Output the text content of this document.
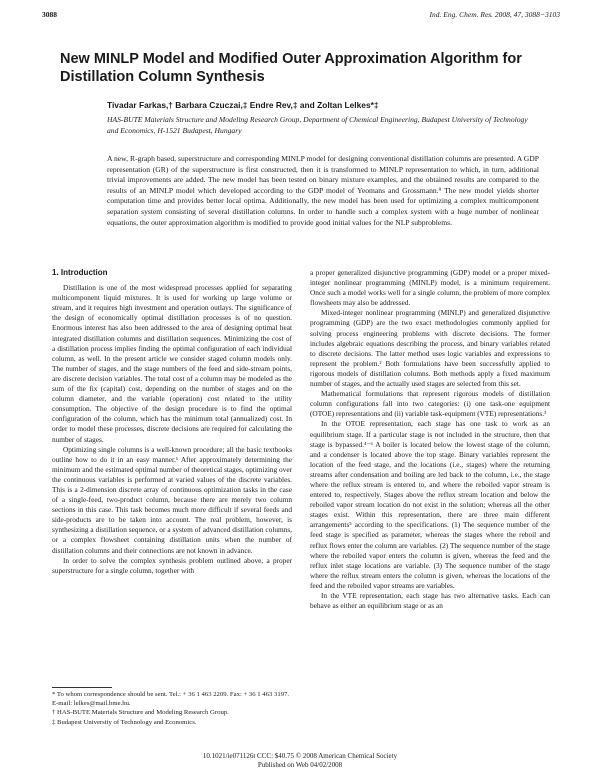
3088	Ind. Eng. Chem. Res. 2008, 47, 3088−3103
New MINLP Model and Modified Outer Approximation Algorithm for Distillation Column Synthesis
Tivadar Farkas,† Barbara Czuczai,‡ Endre Rev,‡ and Zoltan Lelkes*‡
HAS-BUTE Materials Structure and Modeling Research Group, Department of Chemical Engineering, Budapest University of Technology and Economics, H-1521 Budapest, Hungary
A new, R-graph based, superstructure and corresponding MINLP model for designing conventional distillation columns are presented. A GDP representation (GR) of the superstructure is first constructed, then it is transformed to MINLP representation to which, in turn, additional trivial improvements are added. The new model has been tested on binary mixture examples, and the obtained results are compared to the results of an MINLP model which developed according to the GDP model of Yeomans and Grossmann.⁹ The new model yields shorter computation time and provides better local optima. Additionally, the new model has been used for optimizing a complex multicomponent separation system consisting of several distillation columns. In order to handle such a complex system with a huge number of nonlinear equations, the outer approximation algorithm is modified to provide good initial values for the NLP subproblems.
1. Introduction

Distillation is one of the most widespread processes applied for separating multicomponent liquid mixtures. It is used for working up large volume or stream, and it requires high investment and operation outlays. The significance of the design of economically optimal distillation processes is of no question. Enormous interest has also been addressed to the area of designing optimal heat integrated distillation columns and distillation sequences. Minimizing the cost of a distillation process implies finding the optimal configuration of each individual column, as well. In the present article we consider staged column models only. The number of stages, and the stage numbers of the feed and side-stream points, are discrete decision variables. The total cost of a column may be modeled as the sum of the fix (capital) cost, depending on the number of stages and on the column diameter, and the variable (operation) cost related to the utility consumption. The objective of the design procedure is to find the optimal configuration of the column, which has the minimum total (annualized) cost. In order to model these processes, discrete decisions are required for calculating the number of stages.

Optimizing single columns is a well-known procedure; all the basic textbooks outline how to do it in an easy manner.¹ After approximately determining the minimum and the estimated optimal number of theoretical stages, optimizing over the continuous variables is performed at varied values of the discrete variables. This is a 2-dimension discrete array of continuous optimization tasks in the case of a single-feed, two-product column, because there are merely two column sections in this case. This task becomes much more difficult if several feeds and side-products are to be taken into account. The real problem, however, is synthesizing a distillation sequence, or a system of advanced distillation columns, or a complex flowsheet containing distillation units when the number of distillation columns and their connections are not known in advance.

In order to solve the complex synthesis problem outlined above, a proper superstructure for a single column, together with

a proper generalized disjunctive programming (GDP) model or a proper mixed-integer nonlinear programming (MINLP) model, is a minimum requirement. Once such a model works well for a single column, the problem of more complex flowsheets may also be addressed.

Mixed-integer nonlinear programming (MINLP) and generalized disjunctive programming (GDP) are the two exact methodologies commonly applied for solving process engineering problems with discrete decisions. The former includes algebraic equations describing the process, and binary variables related to discrete decisions. The latter method uses logic variables and expressions to represent the problem.² Both formulations have been successfully applied to rigorous models of distillation columns. Both methods apply a fixed maximum number of stages, and the actually used stages are selected from this set.

Mathematical formulations that represent rigorous models of distillation column configurations fall into two categories: (i) one task-one equipment (OTOE) representations and (ii) variable task-equipment (VTE) representations.³

In the OTOE representation, each stage has one task to work as an equilibrium stage. If a particular stage is not included in the structure, then that stage is bypassed.⁴⁻⁶ A boiler is located below the lowest stage of the column, and a condenser is located above the top stage. Binary variables represent the location of the feed stage, and the locations (i.e., stages) where the returning streams after condensation and boiling are led back to the column, i.e., the stage where the reflux stream is entered to, and where the reboiled vapor stream is entered to, respectively. Stages above the reflux stream location and below the reboiled vapor stream location do not exist in the solution; whereas all the other stages exist. Within this representation, there are three main different arrangements⁵ according to the specifications. (1) The sequence number of the feed stage is specified as parameter, whereas the stages where the reboil and reflux flows enter the column are variables. (2) The sequence number of the stage where the reboiled vapor enters the column is given, whereas the feed and the reflux inlet stage locations are variable. (3) The sequence number of the stage where the reflux stream enters the column is given, whereas the locations of the feed and the reboiled vapor streams are variables.

In the VTE representation, each stage has two alternative tasks. Each can behave as either an equilibrium stage or as an

* To whom correspondence should be sent. Tel.: + 36 1 463 2209. Fax: + 36 1 463 3197. E-mail: lelkes@mail.bme.hu.
† HAS-BUTE Materials Structure and Modeling Research Group.
‡ Budapest University of Technology and Economics.
10.1021/ie071126t CCC: $40.75 © 2008 American Chemical Society
Published on Web 04/02/2008
